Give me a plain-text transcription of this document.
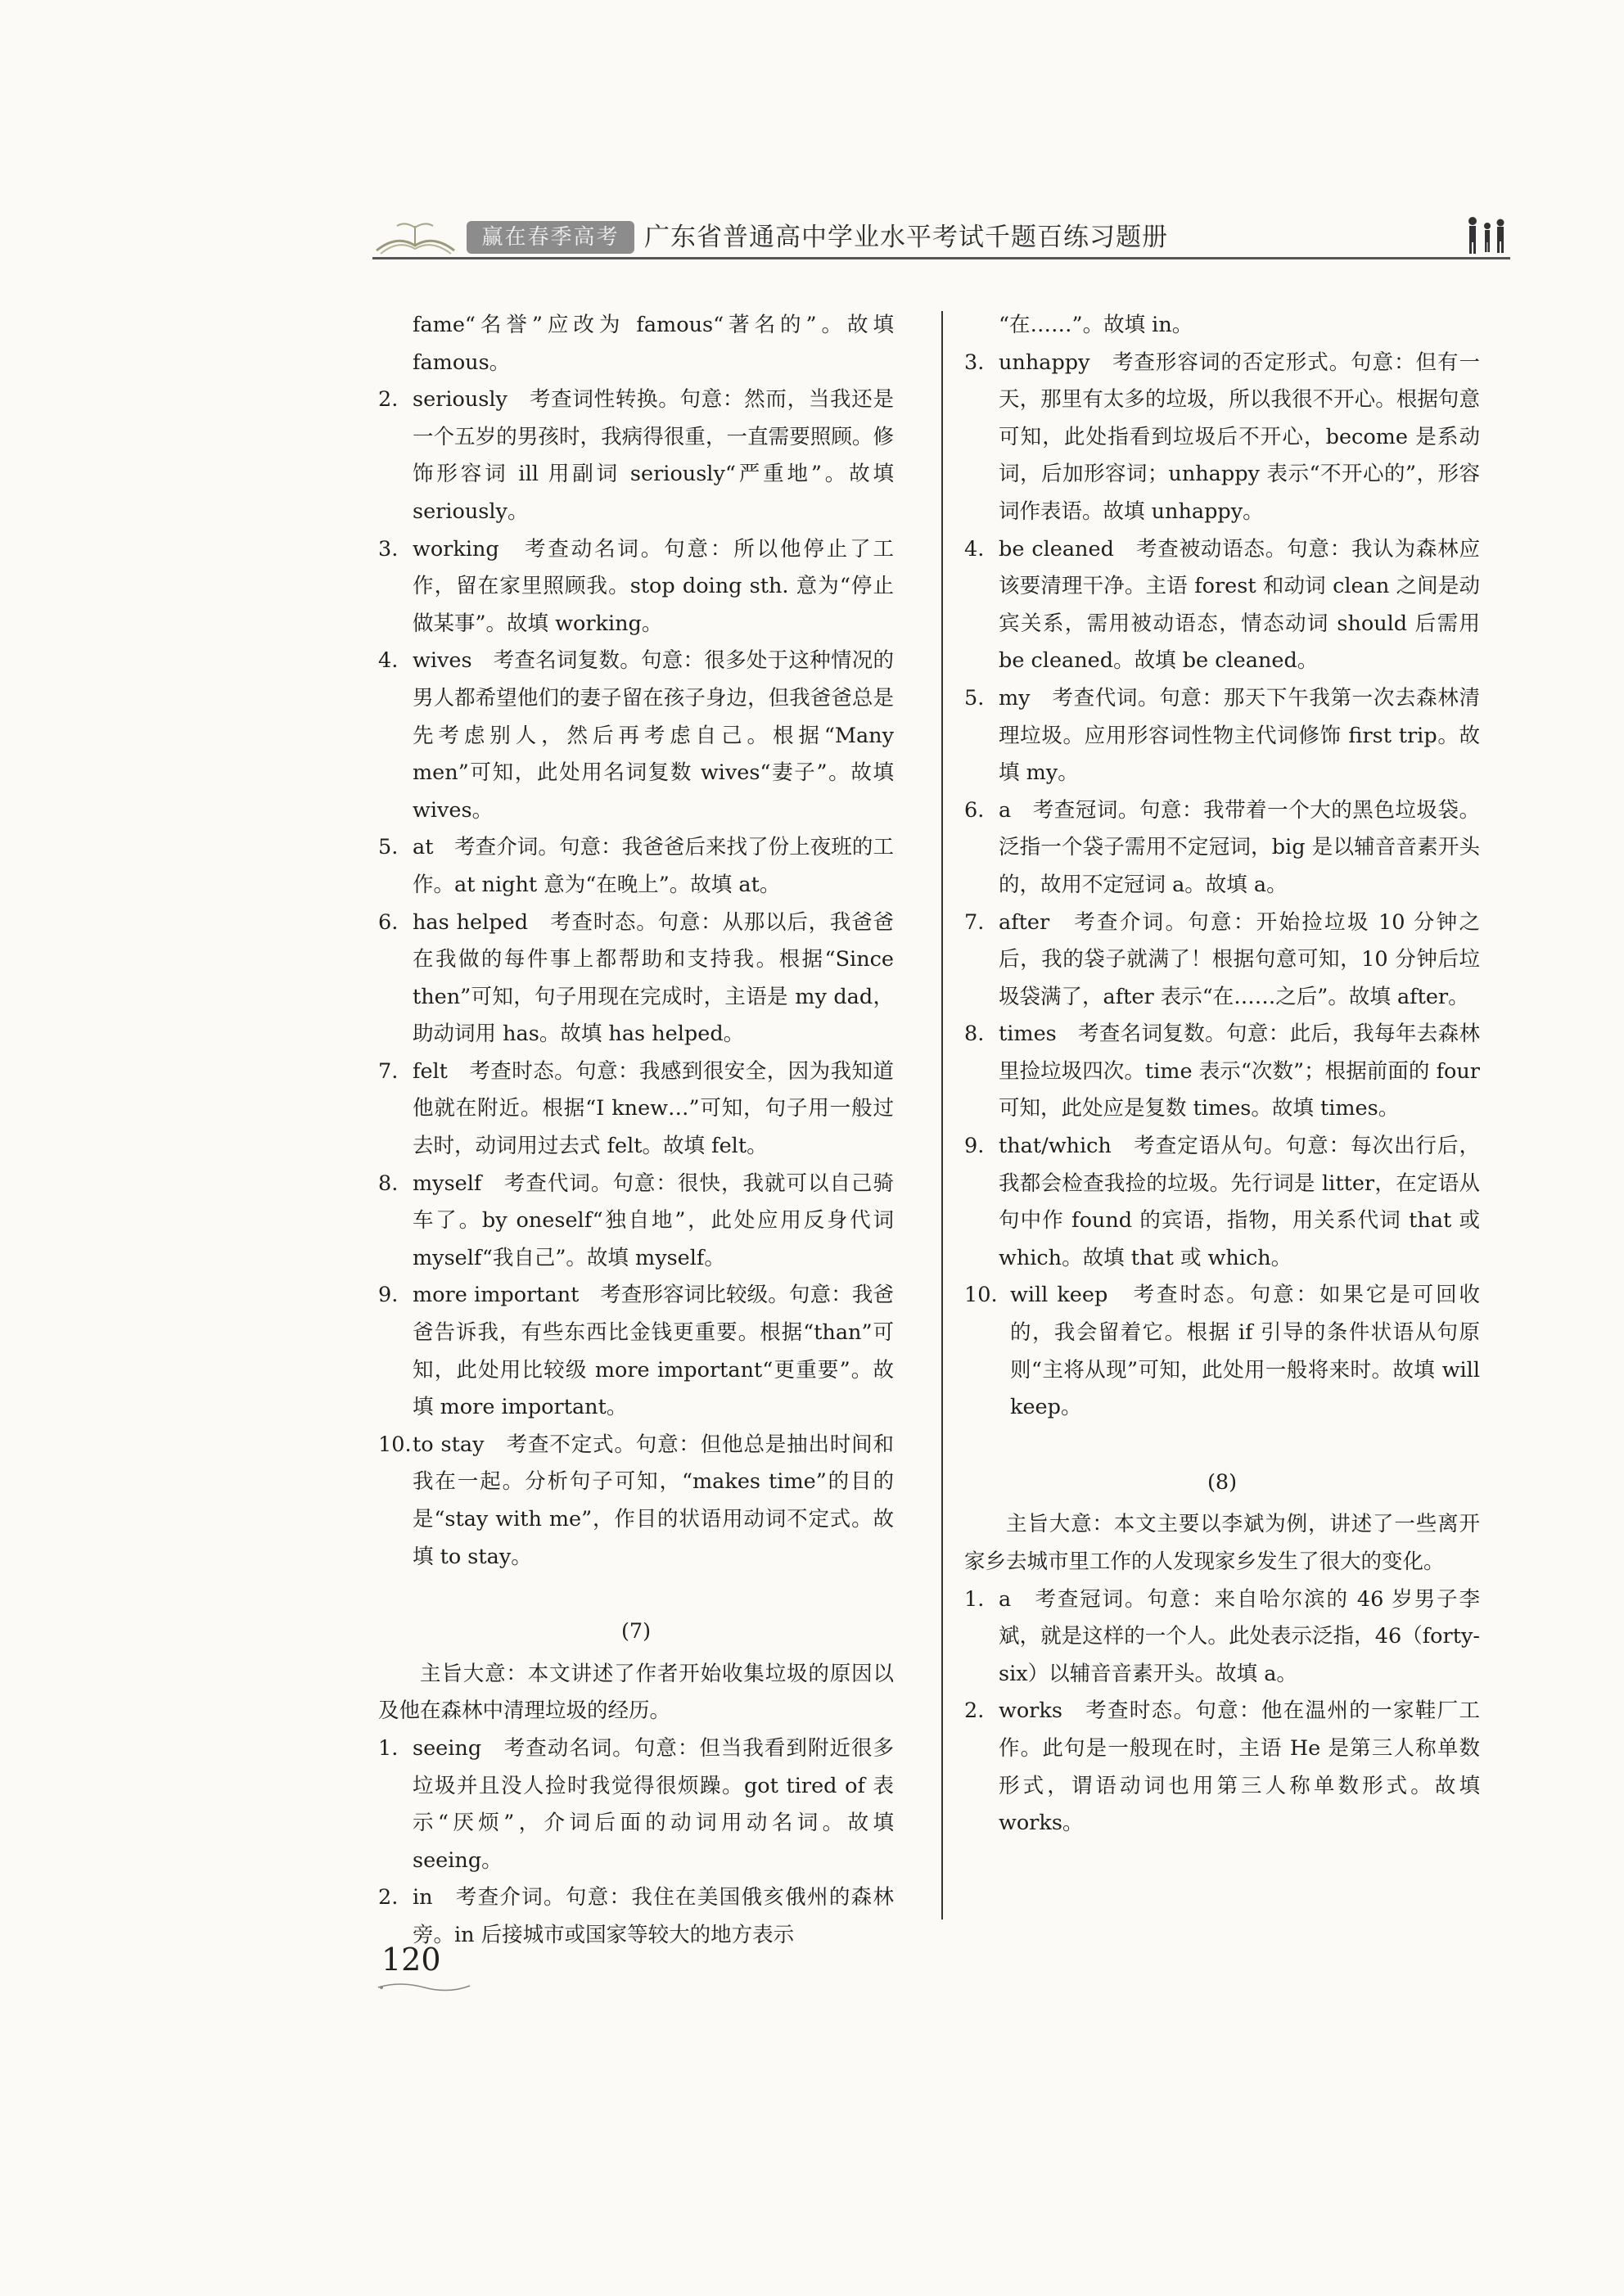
赢在春季高考 广东省普通高中学业水平考试千题百练习题册
fame“名誉”应改为 famous“著名的”。故填 famous。
2. seriously　考查词性转换。句意：然而，当我还是一个五岁的男孩时，我病得很重，一直需要照顾。修饰形容词 ill 用副词 seriously“严重地”。故填 seriously。
3. working　考查动名词。句意：所以他停止了工作，留在家里照顾我。stop doing sth. 意为“停止做某事”。故填 working。
4. wives　考查名词复数。句意：很多处于这种情况的男人都希望他们的妻子留在孩子身边，但我爸爸总是先考虑别人，然后再考虑自己。根据“Many men”可知，此处用名词复数 wives“妻子”。故填 wives。
5. at　考查介词。句意：我爸爸后来找了份上夜班的工作。at night 意为“在晚上”。故填 at。
6. has helped　考查时态。句意：从那以后，我爸爸在我做的每件事上都帮助和支持我。根据“Since then”可知，句子用现在完成时，主语是 my dad，助动词用 has。故填 has helped。
7. felt　考查时态。句意：我感到很安全，因为我知道他就在附近。根据“I knew…”可知，句子用一般过去时，动词用过去式 felt。故填 felt。
8. myself　考查代词。句意：很快，我就可以自己骑车了。by oneself“独自地”，此处应用反身代词 myself“我自己”。故填 myself。
9. more important　考查形容词比较级。句意：我爸爸告诉我，有些东西比金钱更重要。根据“than”可知，此处用比较级 more important“更重要”。故填 more important。
10. to stay　考查不定式。句意：但他总是抽出时间和我在一起。分析句子可知，“makes time”的目的是“stay with me”，作目的状语用动词不定式。故填 to stay。
(7)
主旨大意：本文讲述了作者开始收集垃圾的原因以及他在森林中清理垃圾的经历。
1. seeing　考查动名词。句意：但当我看到附近很多垃圾并且没人捡时我觉得很烦躁。got tired of 表示“厌烦”，介词后面的动词用动名词。故填 seeing。
2. in　考查介词。句意：我住在美国俄亥俄州的森林旁。in 后接城市或国家等较大的地方表示
“在……”。故填 in。
3. unhappy　考查形容词的否定形式。句意：但有一天，那里有太多的垃圾，所以我很不开心。根据句意可知，此处指看到垃圾后不开心，become 是系动词，后加形容词；unhappy 表示“不开心的”，形容词作表语。故填 unhappy。
4. be cleaned　考查被动语态。句意：我认为森林应该要清理干净。主语 forest 和动词 clean 之间是动宾关系，需用被动语态，情态动词 should 后需用 be cleaned。故填 be cleaned。
5. my　考查代词。句意：那天下午我第一次去森林清理垃圾。应用形容词性物主代词修饰 first trip。故填 my。
6. a　考查冠词。句意：我带着一个大的黑色垃圾袋。泛指一个袋子需用不定冠词，big 是以辅音音素开头的，故用不定冠词 a。故填 a。
7. after　考查介词。句意：开始捡垃圾 10 分钟之后，我的袋子就满了！根据句意可知，10 分钟后垃圾袋满了，after 表示“在……之后”。故填 after。
8. times　考查名词复数。句意：此后，我每年去森林里捡垃圾四次。time 表示“次数”；根据前面的 four 可知，此处应是复数 times。故填 times。
9. that/which　考查定语从句。句意：每次出行后，我都会检查我捡的垃圾。先行词是 litter，在定语从句中作 found 的宾语，指物，用关系代词 that 或 which。故填 that 或 which。
10. will keep　考查时态。句意：如果它是可回收的，我会留着它。根据 if 引导的条件状语从句原则“主将从现”可知，此处用一般将来时。故填 will keep。
(8)
主旨大意：本文主要以李斌为例，讲述了一些离开家乡去城市里工作的人发现家乡发生了很大的变化。
1. a　考查冠词。句意：来自哈尔滨的 46 岁男子李斌，就是这样的一个人。此处表示泛指，46（forty-six）以辅音音素开头。故填 a。
2. works　考查时态。句意：他在温州的一家鞋厂工作。此句是一般现在时，主语 He 是第三人称单数形式，谓语动词也用第三人称单数形式。故填 works。
120
